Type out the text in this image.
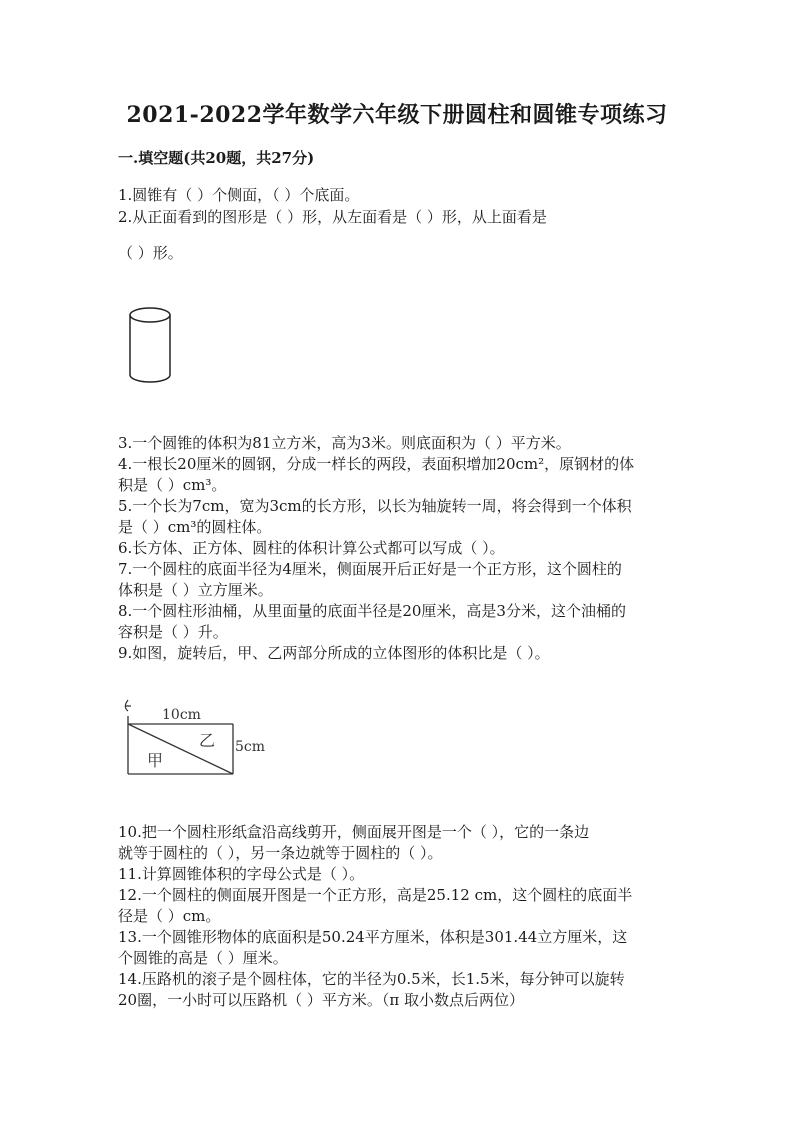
2021-2022学年数学六年级下册圆柱和圆锥专项练习
一.填空题(共20题，共27分)
1.圆锥有（ ）个侧面，（ ）个底面。
2.从正面看到的图形是（ ）形，从左面看是（ ）形，从上面看是
（ ）形。
3.一个圆锥的体积为81立方米，高为3米。则底面积为（ ）平方米。
4.一根长20厘米的圆钢，分成一样长的两段，表面积增加20cm²，原钢材的体
积是（ ）cm³。
5.一个长为7cm，宽为3cm的长方形，以长为轴旋转一周，将会得到一个体积
是（ ）cm³的圆柱体。
6.长方体、正方体、圆柱的体积计算公式都可以写成（ ）。
7.一个圆柱的底面半径为4厘米，侧面展开后正好是一个正方形，这个圆柱的
体积是（ ）立方厘米。
8.一个圆柱形油桶，从里面量的底面半径是20厘米，高是3分米，这个油桶的
容积是（ ）升。
9.如图，旋转后，甲、乙两部分所成的立体图形的体积比是（ ）。
10cm
5cm
甲
乙
10.把一个圆柱形纸盒沿高线剪开，侧面展开图是一个（ ），它的一条边
就等于圆柱的（ ），另一条边就等于圆柱的（ ）。
11.计算圆锥体积的字母公式是（ ）。
12.一个圆柱的侧面展开图是一个正方形，高是25.12 cm，这个圆柱的底面半
径是（ ）cm。
13.一个圆锥形物体的底面积是50.24平方厘米，体积是301.44立方厘米，这
个圆锥的高是（ ）厘米。
14.压路机的滚子是个圆柱体，它的半径为0.5米，长1.5米，每分钟可以旋转
20圈，一小时可以压路机（ ）平方米。（π 取小数点后两位）
